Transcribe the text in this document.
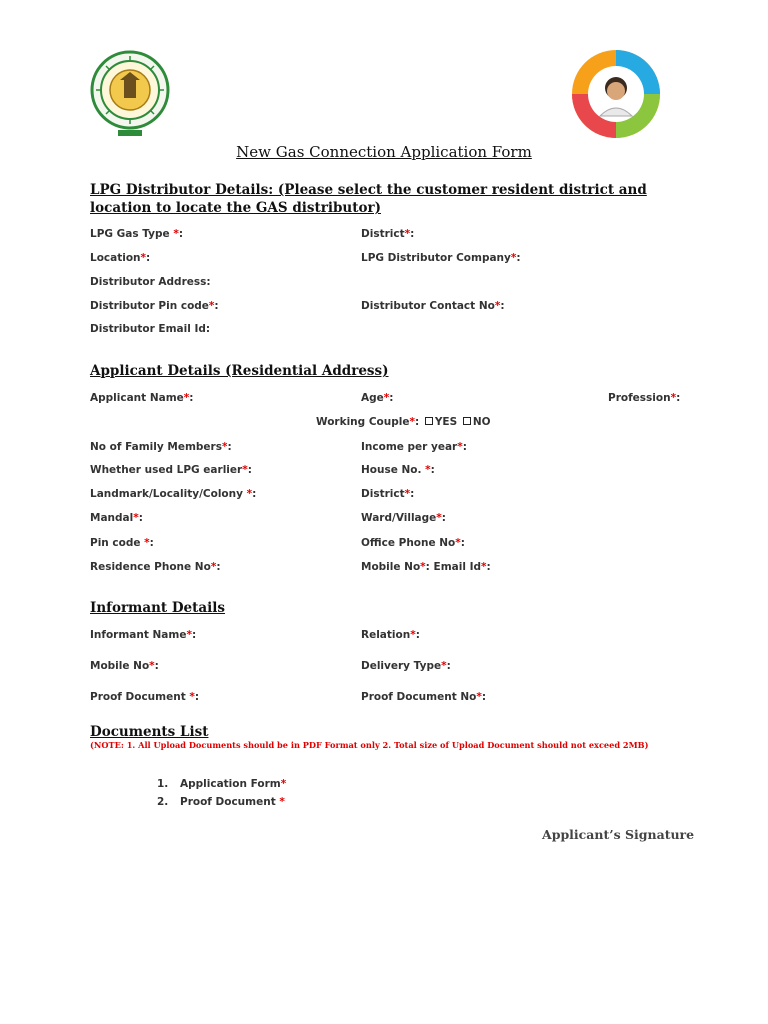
New Gas Connection Application Form
LPG Distributor Details: (Please select the customer resident district and location to locate the GAS distributor)
LPG Gas Type *:	District*:
Location*:	LPG Distributor Company*:
Distributor Address:
Distributor Pin code*:	Distributor Contact No*:
Distributor Email Id:
Applicant Details (Residential Address)
Applicant Name*:	Age*:	Profession*:
Working Couple*: YES NO
No of Family Members*:	Income per year*:
Whether used LPG earlier*:	House No. *:
Landmark/Locality/Colony *:	District*:
Mandal*:	Ward/Village*:
Pin code *:	Office Phone No*:
Residence Phone No*:	Mobile No*: Email Id*:
Informant Details
Informant Name*:	Relation*:
Mobile No*:	Delivery Type*:
Proof Document *:	Proof Document No*:
Documents List
(NOTE: 1. All Upload Documents should be in PDF Format only 2. Total size of Upload Document should not exceed 2MB)
1. Application Form*
2. Proof Document *
Applicant’s Signature
